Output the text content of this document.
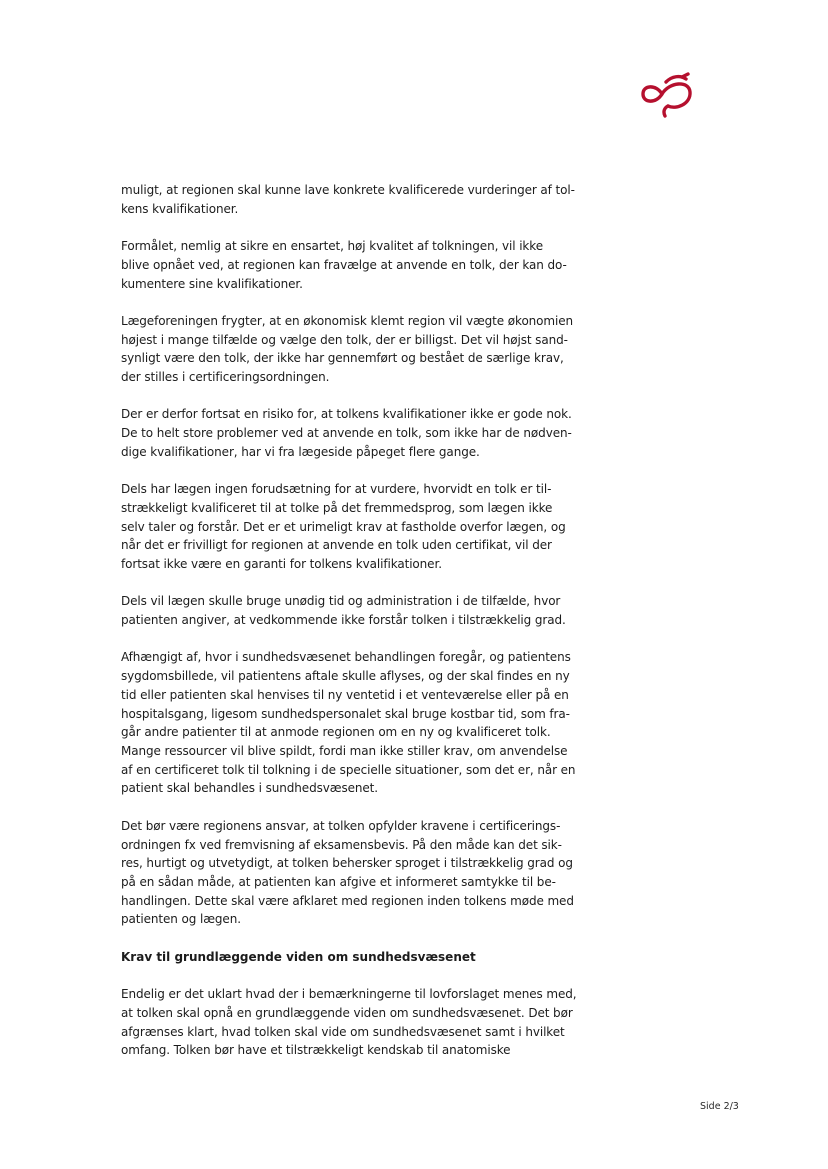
muligt, at regionen skal kunne lave konkrete kvalificerede vurderinger af tol-
kens kvalifikationer.

Formålet, nemlig at sikre en ensartet, høj kvalitet af tolkningen, vil ikke
blive opnået ved, at regionen kan fravælge at anvende en tolk, der kan do-
kumentere sine kvalifikationer.

Lægeforeningen frygter, at en økonomisk klemt region vil vægte økonomien
højest i mange tilfælde og vælge den tolk, der er billigst. Det vil højst sand-
synligt være den tolk, der ikke har gennemført og bestået de særlige krav,
der stilles i certificeringsordningen.

Der er derfor fortsat en risiko for, at tolkens kvalifikationer ikke er gode nok.
De to helt store problemer ved at anvende en tolk, som ikke har de nødven-
dige kvalifikationer, har vi fra lægeside påpeget flere gange.

Dels har lægen ingen forudsætning for at vurdere, hvorvidt en tolk er til-
strækkeligt kvalificeret til at tolke på det fremmedsprog, som lægen ikke
selv taler og forstår. Det er et urimeligt krav at fastholde overfor lægen, og
når det er frivilligt for regionen at anvende en tolk uden certifikat, vil der
fortsat ikke være en garanti for tolkens kvalifikationer.

Dels vil lægen skulle bruge unødig tid og administration i de tilfælde, hvor
patienten angiver, at vedkommende ikke forstår tolken i tilstrækkelig grad.

Afhængigt af, hvor i sundhedsvæsenet behandlingen foregår, og patientens
sygdomsbillede, vil patientens aftale skulle aflyses, og der skal findes en ny
tid eller patienten skal henvises til ny ventetid i et venteværelse eller på en
hospitalsgang, ligesom sundhedspersonalet skal bruge kostbar tid, som fra-
går andre patienter til at anmode regionen om en ny og kvalificeret tolk.
Mange ressourcer vil blive spildt, fordi man ikke stiller krav, om anvendelse
af en certificeret tolk til tolkning i de specielle situationer, som det er, når en
patient skal behandles i sundhedsvæsenet.

Det bør være regionens ansvar, at tolken opfylder kravene i certificerings-
ordningen fx ved fremvisning af eksamensbevis. På den måde kan det sik-
res, hurtigt og utvetydigt, at tolken behersker sproget i tilstrækkelig grad og
på en sådan måde, at patienten kan afgive et informeret samtykke til be-
handlingen. Dette skal være afklaret med regionen inden tolkens møde med
patienten og lægen.

Krav til grundlæggende viden om sundhedsvæsenet

Endelig er det uklart hvad der i bemærkningerne til lovforslaget menes med,
at tolken skal opnå en grundlæggende viden om sundhedsvæsenet. Det bør
afgrænses klart, hvad tolken skal vide om sundhedsvæsenet samt i hvilket
omfang. Tolken bør have et tilstrækkeligt kendskab til anatomiske

Side 2/3
